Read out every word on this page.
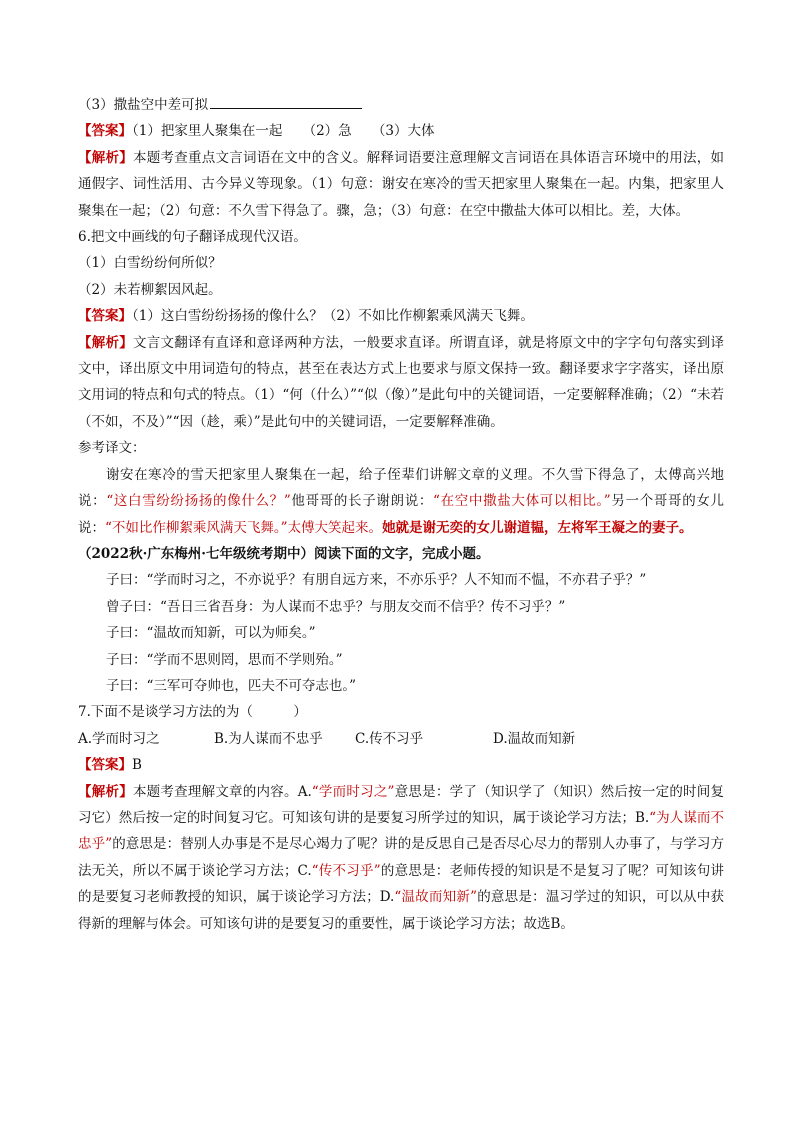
（3）撒盐空中差可拟
【答案】（1）把家里人聚集在一起　　（2）急　　（3）大体
【解析】本题考查重点文言词语在文中的含义。解释词语要注意理解文言词语在具体语言环境中的用法，如通假字、词性活用、古今异义等现象。（1）句意：谢安在寒冷的雪天把家里人聚集在一起。内集，把家里人聚集在一起；（2）句意：不久雪下得急了。骤，急；（3）句意：在空中撒盐大体可以相比。差，大体。
6.把文中画线的句子翻译成现代汉语。
（1）白雪纷纷何所似？
（2）未若柳絮因风起。
【答案】（1）这白雪纷纷扬扬的像什么？（2）不如比作柳絮乘风满天飞舞。
【解析】文言文翻译有直译和意译两种方法，一般要求直译。所谓直译，就是将原文中的字字句句落实到译文中，译出原文中用词造句的特点，甚至在表达方式上也要求与原文保持一致。翻译要求字字落实，译出原文用词的特点和句式的特点。（1）“何（什么）”“似（像）”是此句中的关键词语，一定要解释准确；（2）“未若（不如，不及）”“因（趁，乘）”是此句中的关键词语，一定要解释准确。
参考译文：
谢安在寒冷的雪天把家里人聚集在一起，给子侄辈们讲解文章的义理。不久雪下得急了，太傅高兴地说：“这白雪纷纷扬扬的像什么？”他哥哥的长子谢朗说：“在空中撒盐大体可以相比。”另一个哥哥的女儿说：“不如比作柳絮乘风满天飞舞。”太傅大笑起来。她就是谢无奕的女儿谢道韫，左将军王凝之的妻子。
（2022秋·广东梅州·七年级统考期中）阅读下面的文字，完成小题。
子曰：“学而时习之，不亦说乎？有朋自远方来，不亦乐乎？人不知而不愠，不亦君子乎？”
曾子曰：“吾日三省吾身：为人谋而不忠乎？与朋友交而不信乎？传不习乎？”
子曰：“温故而知新，可以为师矣。”
子曰：“学而不思则罔，思而不学则殆。”
子曰：“三军可夺帅也，匹夫不可夺志也。”
7.下面不是谈学习方法的为（　　　）
A.学而时习之	B.为人谋而不忠乎	C.传不习乎	D.温故而知新
【答案】B
【解析】本题考查理解文章的内容。A.“学而时习之”意思是：学了（知识学了（知识）然后按一定的时间复习它）然后按一定的时间复习它。可知该句讲的是要复习所学过的知识，属于谈论学习方法；B.“为人谋而不忠乎”的意思是：替别人办事是不是尽心竭力了呢？讲的是反思自己是否尽心尽力的帮别人办事了，与学习方法无关，所以不属于谈论学习方法；C.“传不习乎”的意思是：老师传授的知识是不是复习了呢？可知该句讲的是要复习老师教授的知识，属于谈论学习方法；D.“温故而知新”的意思是：温习学过的知识，可以从中获得新的理解与体会。可知该句讲的是要复习的重要性，属于谈论学习方法；故选B。
